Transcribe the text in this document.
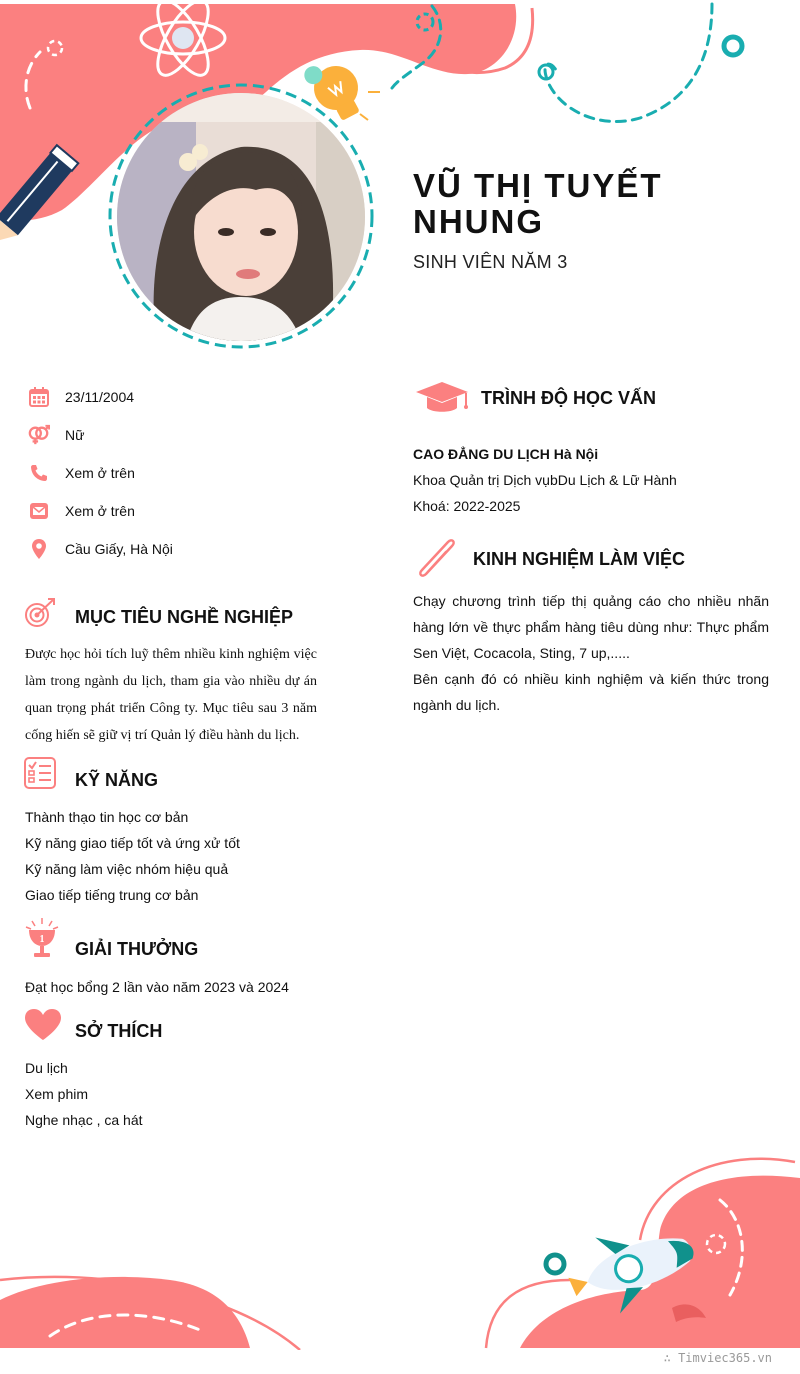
VŨ THỊ TUYẾT NHUNG
SINH VIÊN NĂM 3
23/11/2004
Nữ
Xem ở trên
Xem ở trên
Cầu Giấy, Hà Nội
MỤC TIÊU NGHỀ NGHIỆP
Được học hỏi tích luỹ thêm nhiều kinh nghiệm việc làm trong ngành du lịch, tham gia vào nhiều dự án quan trọng phát triển Công ty. Mục tiêu sau 3 năm cống hiến sẽ giữ vị trí Quản lý điều hành du lịch.
KỸ NĂNG
Thành thạo tin học cơ bản
Kỹ năng giao tiếp tốt và ứng xử tốt
Kỹ năng làm việc nhóm hiệu quả
Giao tiếp tiếng trung cơ bản
1 GIẢI THƯỞNG
Đạt học bổng 2 lần vào năm 2023 và 2024
SỞ THÍCH
Du lịch
Xem phim
Nghe nhạc , ca hát
TRÌNH ĐỘ HỌC VẤN
CAO ĐẲNG DU LỊCH Hà Nội
Khoa Quản trị Dịch vụbDu Lịch & Lữ Hành
Khoá: 2022-2025
KINH NGHIỆM LÀM VIỆC
Chạy chương trình tiếp thị quảng cáo cho nhiều nhãn hàng lớn về thực phẩm hàng tiêu dùng như: Thực phẩm Sen Việt, Cocacola, Sting, 7 up,.....
Bên cạnh đó có nhiều kinh nghiệm và kiến thức trong ngành du lịch.
∴ Timviec365.vn
